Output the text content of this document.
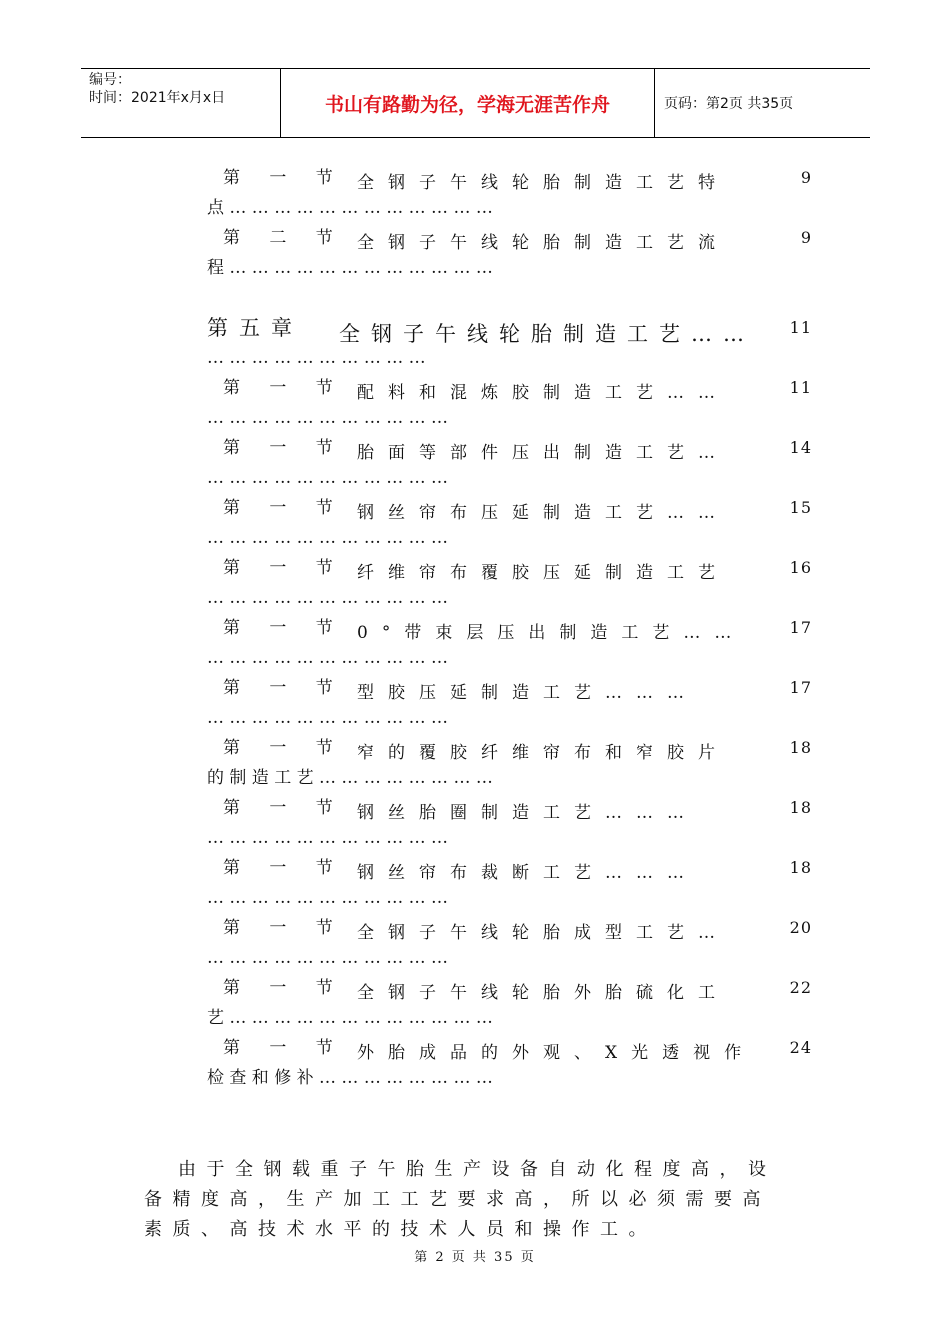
编号：
时间：2021年x月x日	书山有路勤为径，学海无涯苦作舟	页码：第2页 共35页
第 一 节 全钢子午线轮胎制造工艺特	9
点 … … … … … … … … … … … …
第 二 节 全钢子午线轮胎制造工艺流	9
程 … … … … … … … … … … … …
第五章 全钢子午线轮胎制造工艺…… 11
… … … … … … … … … …
第 一 节 配料和混炼胶制造工艺……	11
… … … … … … … … … … …
第 一 节 胎面等部件压出制造工艺…	14
… … … … … … … … … … …
第 一 节 钢丝帘布压延制造工艺……	15
… … … … … … … … … … …
第 一 节 纤维帘布覆胶压延制造工艺	16
… … … … … … … … … … …
第 一 节 0°带束层压出制造工艺……	17
… … … … … … … … … … …
第 一 节 型胶压延制造工艺………	17
… … … … … … … … … … …
第 一 节 窄的覆胶纤维帘布和窄胶片	18
的 制 造 工 艺 … … … … … … … …
第 一 节 钢丝胎圈制造工艺………	18
… … … … … … … … … … …
第 一 节 钢丝帘布裁断工艺………	18
… … … … … … … … … … …
第 一 节 全钢子午线轮胎成型工艺…	20
… … … … … … … … … … …
第 一 节 全钢子午线轮胎外胎硫化工	22
艺 … … … … … … … … … … … …
第 一 节 外胎成品的外观、X光透视作 24
检 查 和 修 补 … … … … … … … …
由于全钢载重子午胎生产设备自动化程度高，设
备精度高，生产加工工艺要求高，所以必须需要高
素质、高技术水平的技术人员和操作工。
第 2 页 共 35 页
